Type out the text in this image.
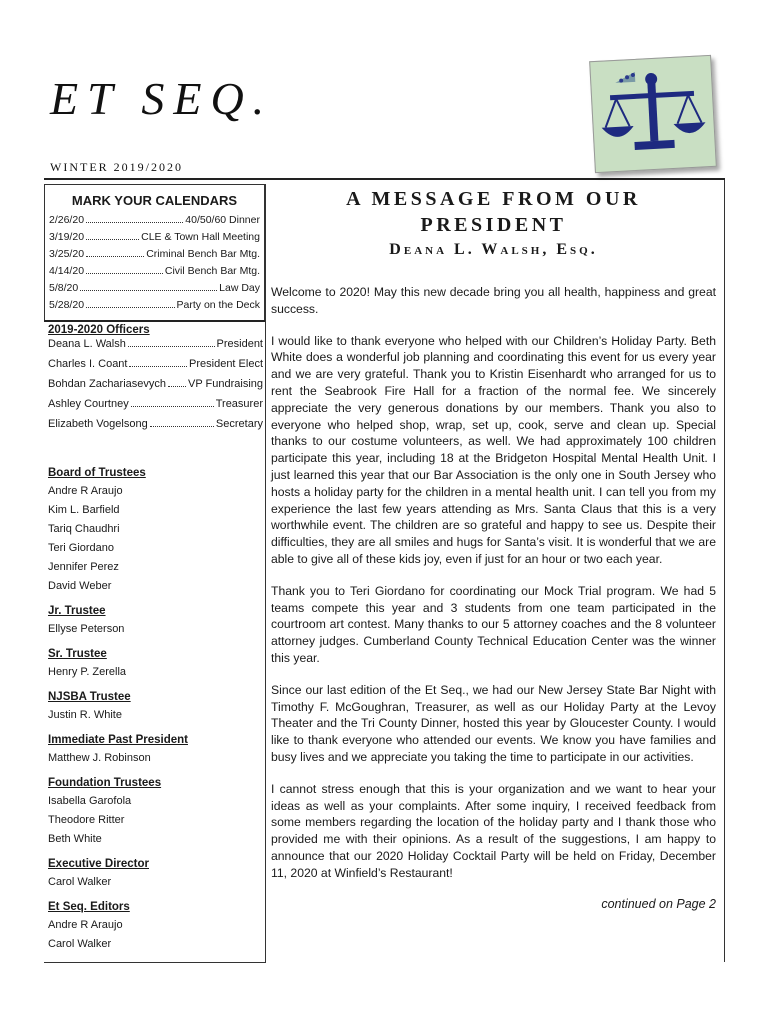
ET SEQ.
WINTER 2019/2020
MARK YOUR CALENDARS
2/26/20	40/50/60 Dinner
3/19/20	CLE & Town Hall Meeting
3/25/20	Criminal Bench Bar Mtg.
4/14/20	Civil Bench Bar Mtg.
5/8/20	Law Day
5/28/20	Party on the Deck
2019-2020 Officers
Deana L. Walsh	President
Charles I. Coant	President Elect
Bohdan Zachariasevych VP Fundraising
Ashley Courtney	Treasurer
Elizabeth Vogelsong	Secretary
Board of Trustees
Andre R Araujo
Kim L. Barfield
Tariq Chaudhri
Teri Giordano
Jennifer Perez
David Weber
Jr. Trustee
Ellyse Peterson
Sr. Trustee
Henry P. Zerella
NJSBA Trustee
Justin R. White
Immediate Past President
Matthew J. Robinson
Foundation Trustees
Isabella Garofola
Theodore Ritter
Beth White
Executive Director
Carol Walker
Et Seq. Editors
Andre R Araujo
Carol Walker
A MESSAGE FROM OUR
PRESIDENT
Deana L. Walsh, Esq.

Welcome to 2020! May this new decade bring you all health, happiness and great success.

I would like to thank everyone who helped with our Children’s Holiday Party. Beth White does a wonderful job planning and coordinating this event for us every year and we are very grateful. Thank you to Kristin Eisenhardt who arranged for us to rent the Seabrook Fire Hall for a fraction of the normal fee. We sincerely appreciate the very generous donations by our members. Thank you also to everyone who helped shop, wrap, set up, cook, serve and clean up. Special thanks to our costume volunteers, as well. We had approximately 100 children participate this year, including 18 at the Bridgeton Hospital Mental Health Unit. I just learned this year that our Bar Association is the only one in South Jersey who hosts a holiday party for the children in a mental health unit. I can tell you from my experience the last few years attending as Mrs. Santa Claus that this is a very worthwhile event. The children are so grateful and happy to see us. Despite their difficulties, they are all smiles and hugs for Santa’s visit. It is wonderful that we are able to give all of these kids joy, even if just for an hour or two each year.

Thank you to Teri Giordano for coordinating our Mock Trial program. We had 5 teams compete this year and 3 students from one team participated in the courtroom art contest. Many thanks to our 5 attorney coaches and the 8 volunteer attorney judges. Cumberland County Technical Education Center was the winner this year.

Since our last edition of the Et Seq., we had our New Jersey State Bar Night with Timothy F. McGoughran, Treasurer, as well as our Holiday Party at the Levoy Theater and the Tri County Dinner, hosted this year by Gloucester County. I would like to thank everyone who attended our events. We know you have families and busy lives and we appreciate you taking the time to participate in our activities.

I cannot stress enough that this is your organization and we want to hear your ideas as well as your complaints. After some inquiry, I received feedback from some members regarding the location of the holiday party and I thank those who provided me with their opinions. As a result of the suggestions, I am happy to announce that our 2020 Holiday Cocktail Party will be held on Friday, December 11, 2020 at Winfield’s Restaurant!

continued on Page 2
